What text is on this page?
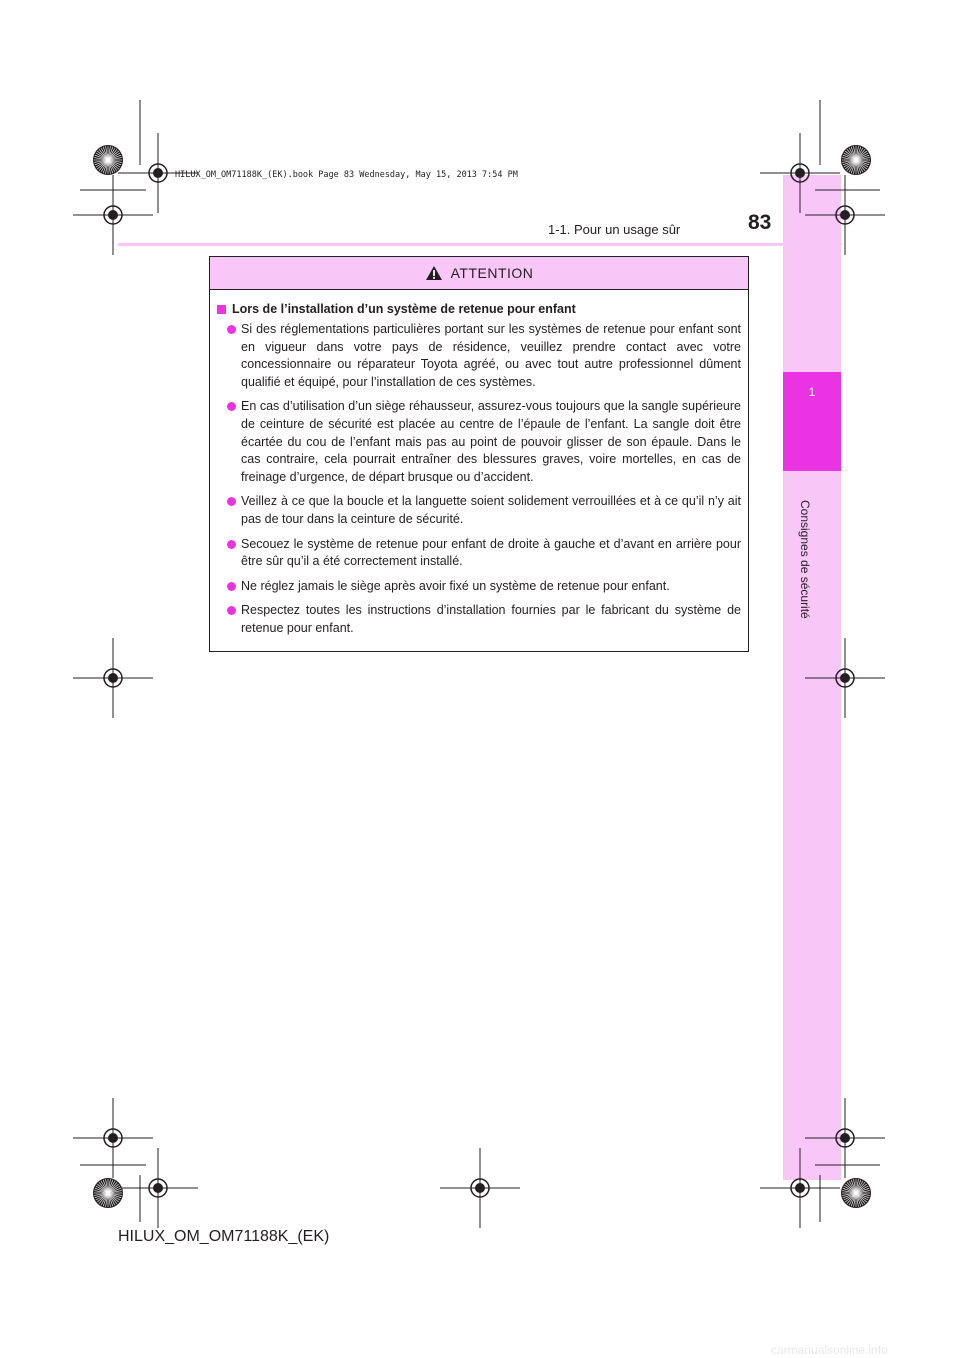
1
Consignes de sécurité
HILUX_OM_OM71188K_(EK).book Page 83 Wednesday, May 15, 2013 7:54 PM
1-1. Pour un usage sûr	83
ATTENTION
Lors de l’installation d’un système de retenue pour enfant
Si des réglementations particulières portant sur les systèmes de retenue pour enfant sont en vigueur dans votre pays de résidence, veuillez prendre contact avec votre concessionnaire ou réparateur Toyota agréé, ou avec tout autre professionnel dûment qualifié et équipé, pour l’installation de ces systèmes.
En cas d’utilisation d’un siège réhausseur, assurez-vous toujours que la sangle supérieure de ceinture de sécurité est placée au centre de l’épaule de l’enfant. La sangle doit être écartée du cou de l’enfant mais pas au point de pouvoir glisser de son épaule. Dans le cas contraire, cela pourrait entraîner des blessures graves, voire mortelles, en cas de freinage d’urgence, de départ brusque ou d’accident.
Veillez à ce que la boucle et la languette soient solidement verrouillées et à ce qu’il n’y ait pas de tour dans la ceinture de sécurité.
Secouez le système de retenue pour enfant de droite à gauche et d’avant en arrière pour être sûr qu’il a été correctement installé.
Ne réglez jamais le siège après avoir fixé un système de retenue pour enfant.
Respectez toutes les instructions d’installation fournies par le fabricant du système de retenue pour enfant.
HILUX_OM_OM71188K_(EK)
carmanualsonline.info
